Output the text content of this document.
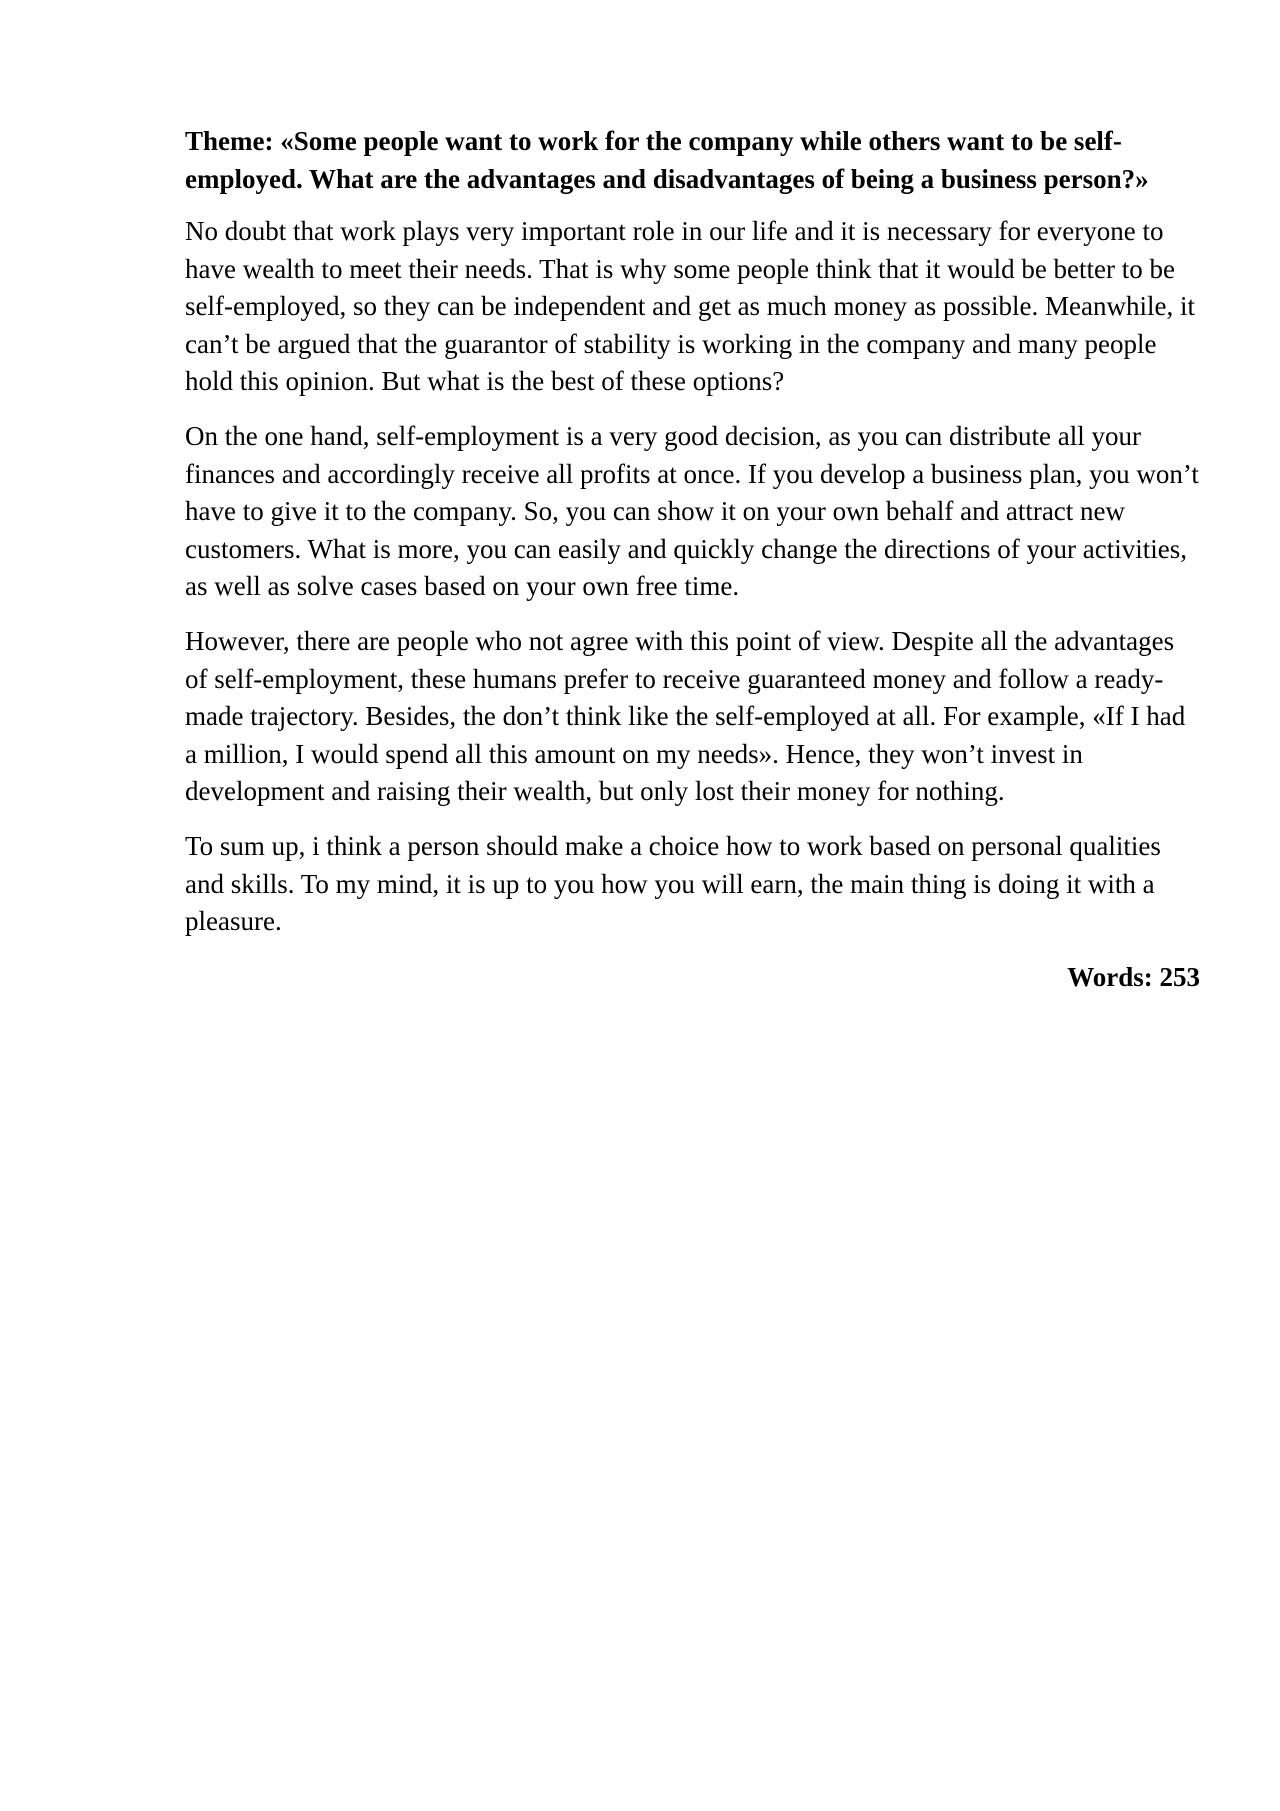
Theme: «Some people want to work for the company while others want to be self-employed. What are the advantages and disadvantages of being a business person?»

No doubt that work plays very important role in our life and it is necessary for everyone to have wealth to meet their needs. That is why some people think that it would be better to be self-employed, so they can be independent and get as much money as possible. Meanwhile, it can’t be argued that the guarantor of stability is working in the company and many people hold this opinion. But what is the best of these options?

On the one hand, self-employment is a very good decision, as you can distribute all your finances and accordingly receive all profits at once. If you develop a business plan, you won’t have to give it to the company. So, you can show it on your own behalf and attract new customers. What is more, you can easily and quickly change the directions of your activities, as well as solve cases based on your own free time.

However, there are people who not agree with this point of view. Despite all the advantages of self-employment, these humans prefer to receive guaranteed money and follow a ready-made trajectory. Besides, the don’t think like the self-employed at all. For example, «If I had a million, I would spend all this amount on my needs». Hence, they won’t invest in development and raising their wealth, but only lost their money for nothing.

To sum up, i think a person should make a choice how to work based on personal qualities and skills. To my mind, it is up to you how you will earn, the main thing is doing it with a pleasure.

Words: 253
